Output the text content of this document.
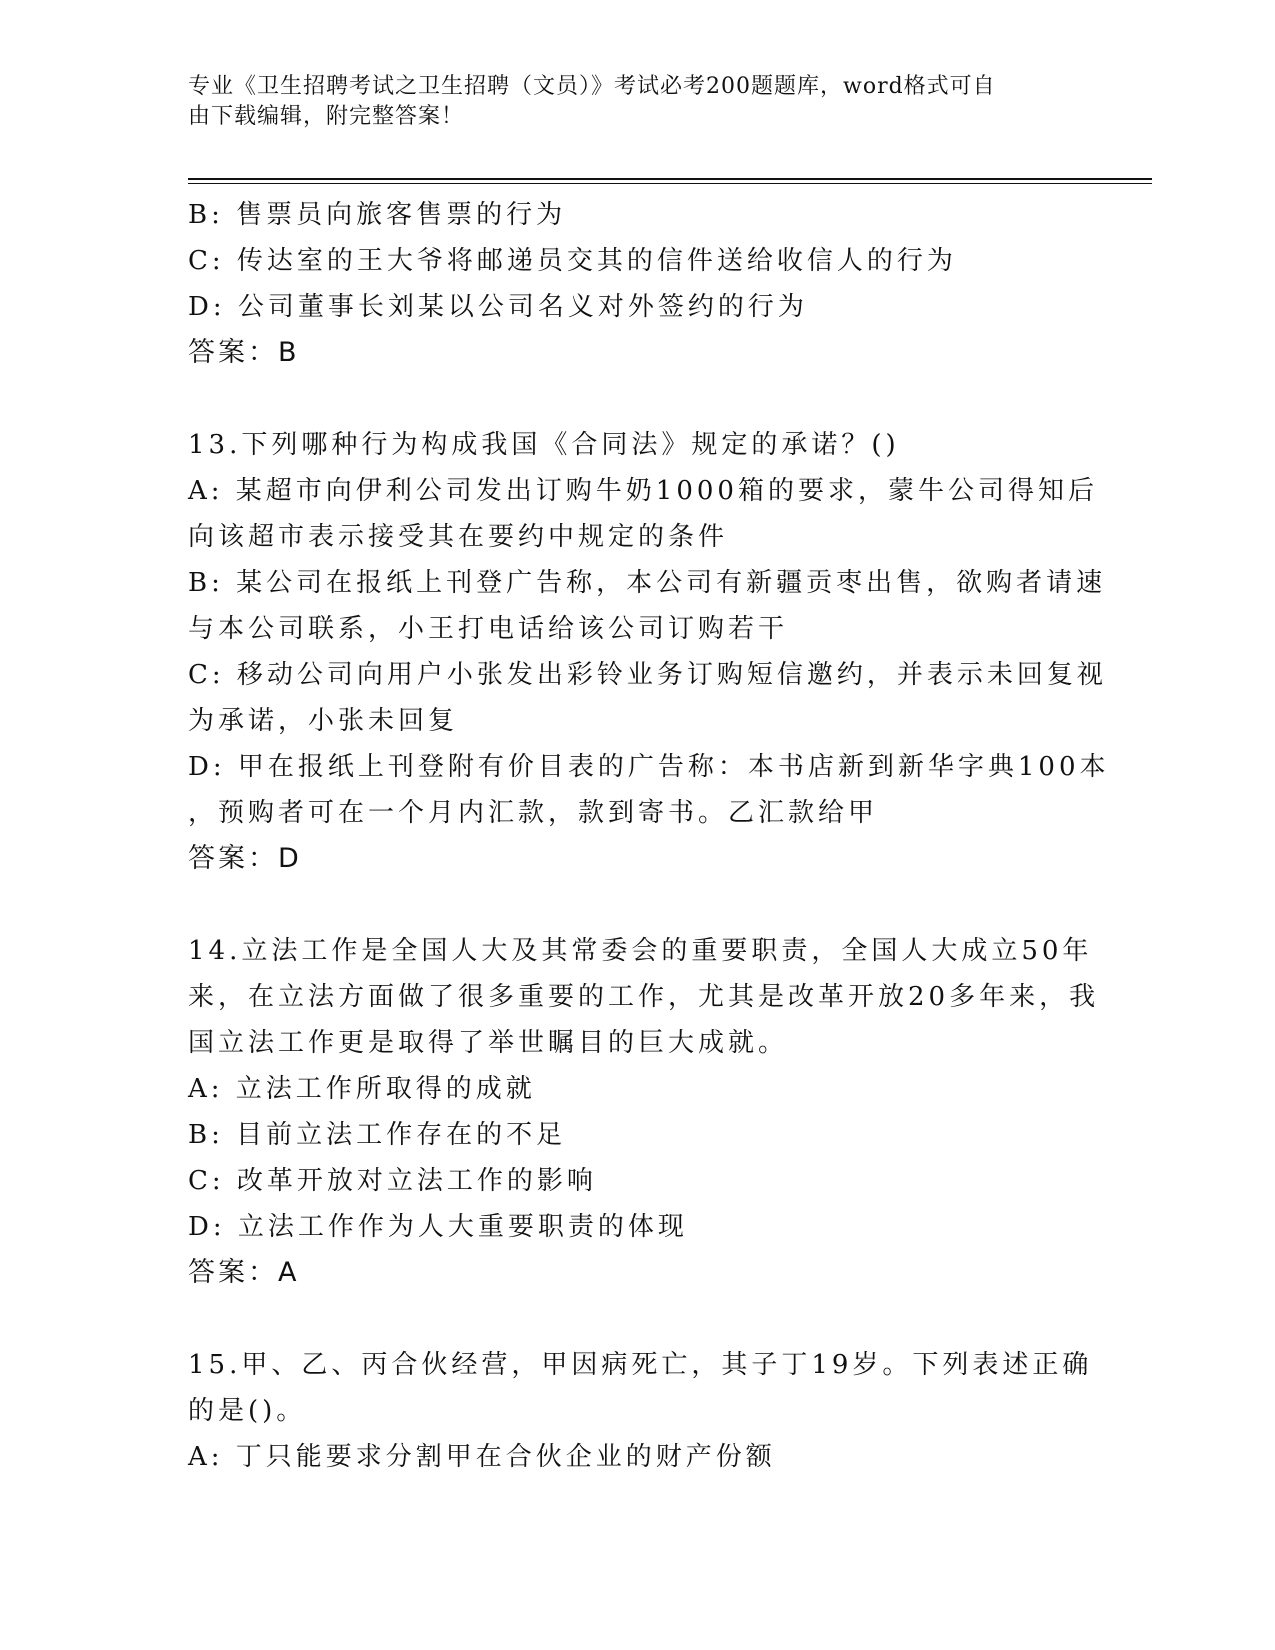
专业《卫生招聘考试之卫生招聘（文员）》考试必考200题题库，word格式可自
由下载编辑，附完整答案！
B: 售票员向旅客售票的行为
C: 传达室的王大爷将邮递员交其的信件送给收信人的行为
D: 公司董事长刘某以公司名义对外签约的行为
答案：B
13.下列哪种行为构成我国《合同法》规定的承诺？()
A: 某超市向伊利公司发出订购牛奶1000箱的要求，蒙牛公司得知后
向该超市表示接受其在要约中规定的条件
B: 某公司在报纸上刊登广告称，本公司有新疆贡枣出售，欲购者请速
与本公司联系，小王打电话给该公司订购若干
C: 移动公司向用户小张发出彩铃业务订购短信邀约，并表示未回复视
为承诺，小张未回复
D: 甲在报纸上刊登附有价目表的广告称：本书店新到新华字典100本
，预购者可在一个月内汇款，款到寄书。乙汇款给甲
答案：D
14.立法工作是全国人大及其常委会的重要职责，全国人大成立50年
来，在立法方面做了很多重要的工作，尤其是改革开放20多年来，我
国立法工作更是取得了举世瞩目的巨大成就。
A: 立法工作所取得的成就
B: 目前立法工作存在的不足
C: 改革开放对立法工作的影响
D: 立法工作作为人大重要职责的体现
答案：A
15.甲、乙、丙合伙经营，甲因病死亡，其子丁19岁。下列表述正确
的是()。
A: 丁只能要求分割甲在合伙企业的财产份额
